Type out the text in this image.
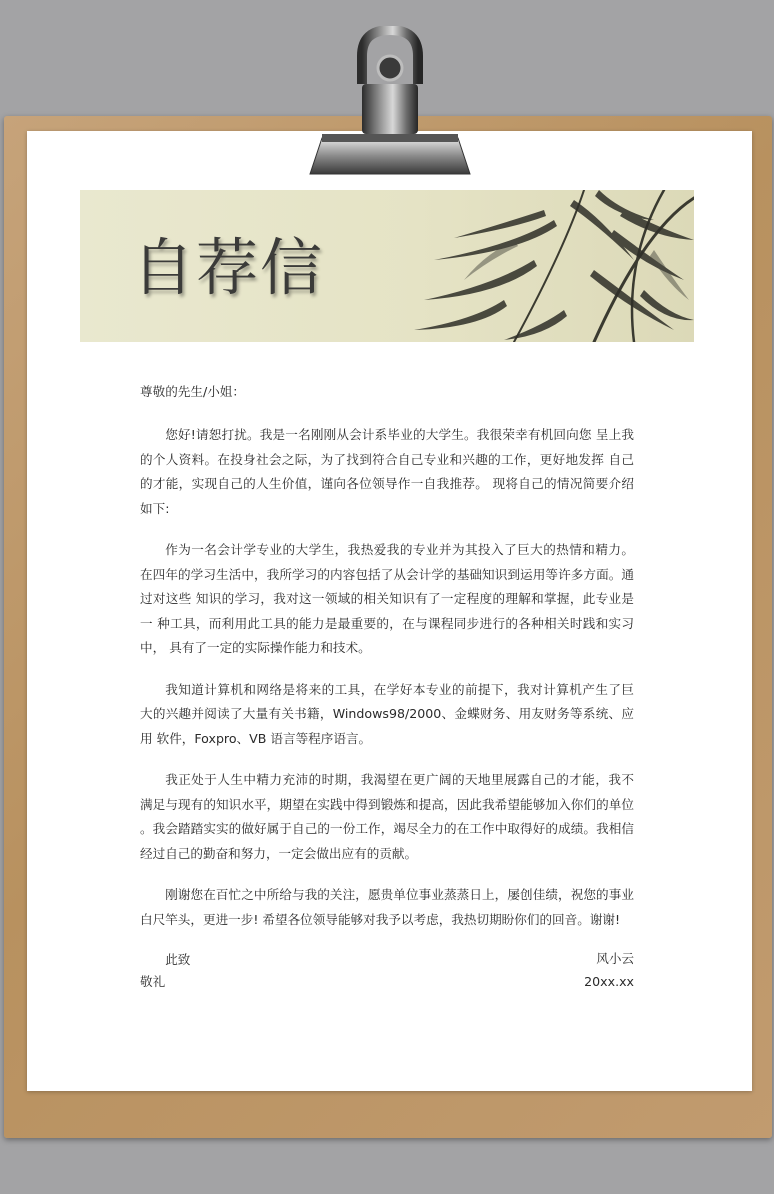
自荐信

尊敬的先生/小姐：

您好!请恕打扰。我是一名刚刚从会计系毕业的大学生。我很荣幸有机回向您 呈上我的个人资料。在投身社会之际，为了找到符合自己专业和兴趣的工作，更好地发挥 自己的才能，实现自己的人生价值，谨向各位领导作一自我推荐。 现将自己的情况简要介绍如下:

作为一名会计学专业的大学生，我热爱我的专业并为其投入了巨大的热情和精力。 在四年的学习生活中，我所学习的内容包括了从会计学的基础知识到运用等许多方面。通 过对这些 知识的学习，我对这一领域的相关知识有了一定程度的理解和掌握，此专业是一 种工具，而利用此工具的能力是最重要的，在与课程同步进行的各种相关时践和实习中， 具有了一定的实际操作能力和技术。

我知道计算机和网络是将来的工具，在学好本专业的前提下，我对计算机产生了巨 大的兴趣并阅读了大量有关书籍，Windows98/2000、金蝶财务、用友财务等系统、应用 软件，Foxpro、VB 语言等程序语言。

我正处于人生中精力充沛的时期，我渴望在更广阔的天地里展露自己的才能，我不 满足与现有的知识水平，期望在实践中得到锻炼和提高，因此我希望能够加入你们的单位 。我会踏踏实实的做好属于自己的一份工作，竭尽全力的在工作中取得好的成绩。我相信 经过自己的勤奋和努力，一定会做出应有的贡献。

刚谢您在百忙之中所给与我的关注，愿贵单位事业蒸蒸日上，屡创佳绩，祝您的事业 白尺竿头，更进一步! 希望各位领导能够对我予以考虑，我热切期盼你们的回音。谢谢!

此致

敬礼

风小云
20xx.xx
